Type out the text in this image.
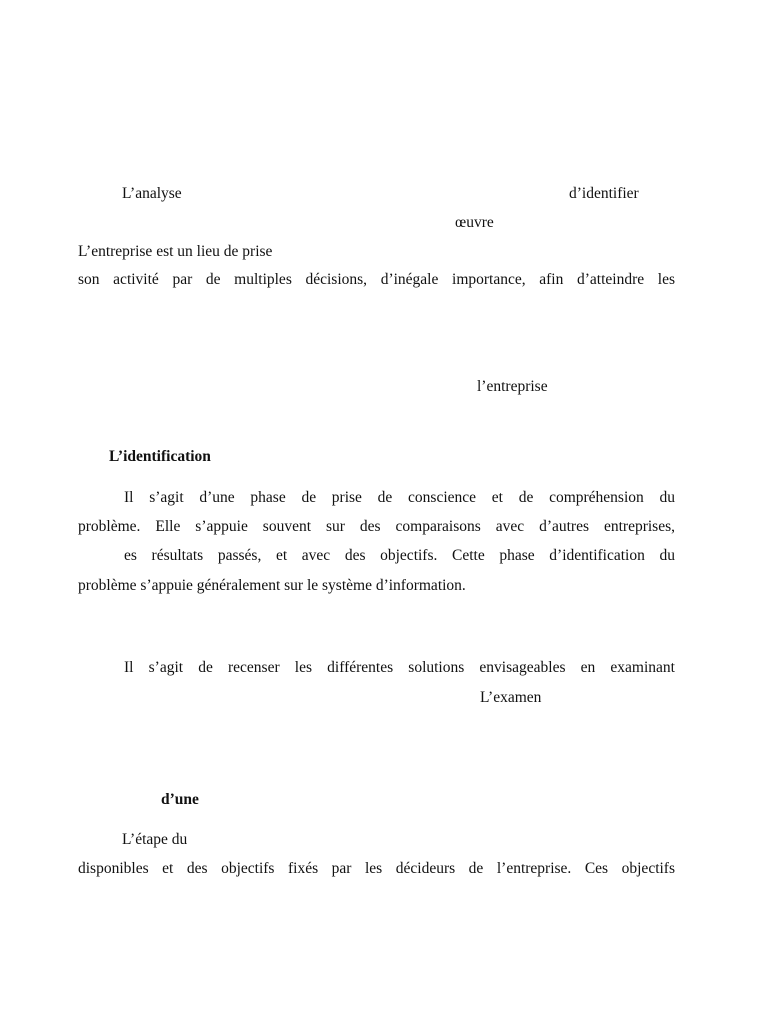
L’analyse	d’identifier
œuvre
L’entreprise est un lieu de prise
son activité par de multiples décisions, d’inégale importance, afin d’atteindre les
l’entreprise
L’identification
Il s’agit d’une phase de prise de conscience et de compréhension du
problème. Elle s’appuie souvent sur des comparaisons avec d’autres entreprises,
es résultats passés, et avec des objectifs. Cette phase d’identification du
problème s’appuie généralement sur le système d’information.
Il s’agit de recenser les différentes solutions envisageables en examinant
L’examen
d’une
L’étape du
disponibles et des objectifs fixés par les décideurs de l’entreprise. Ces objectifs
